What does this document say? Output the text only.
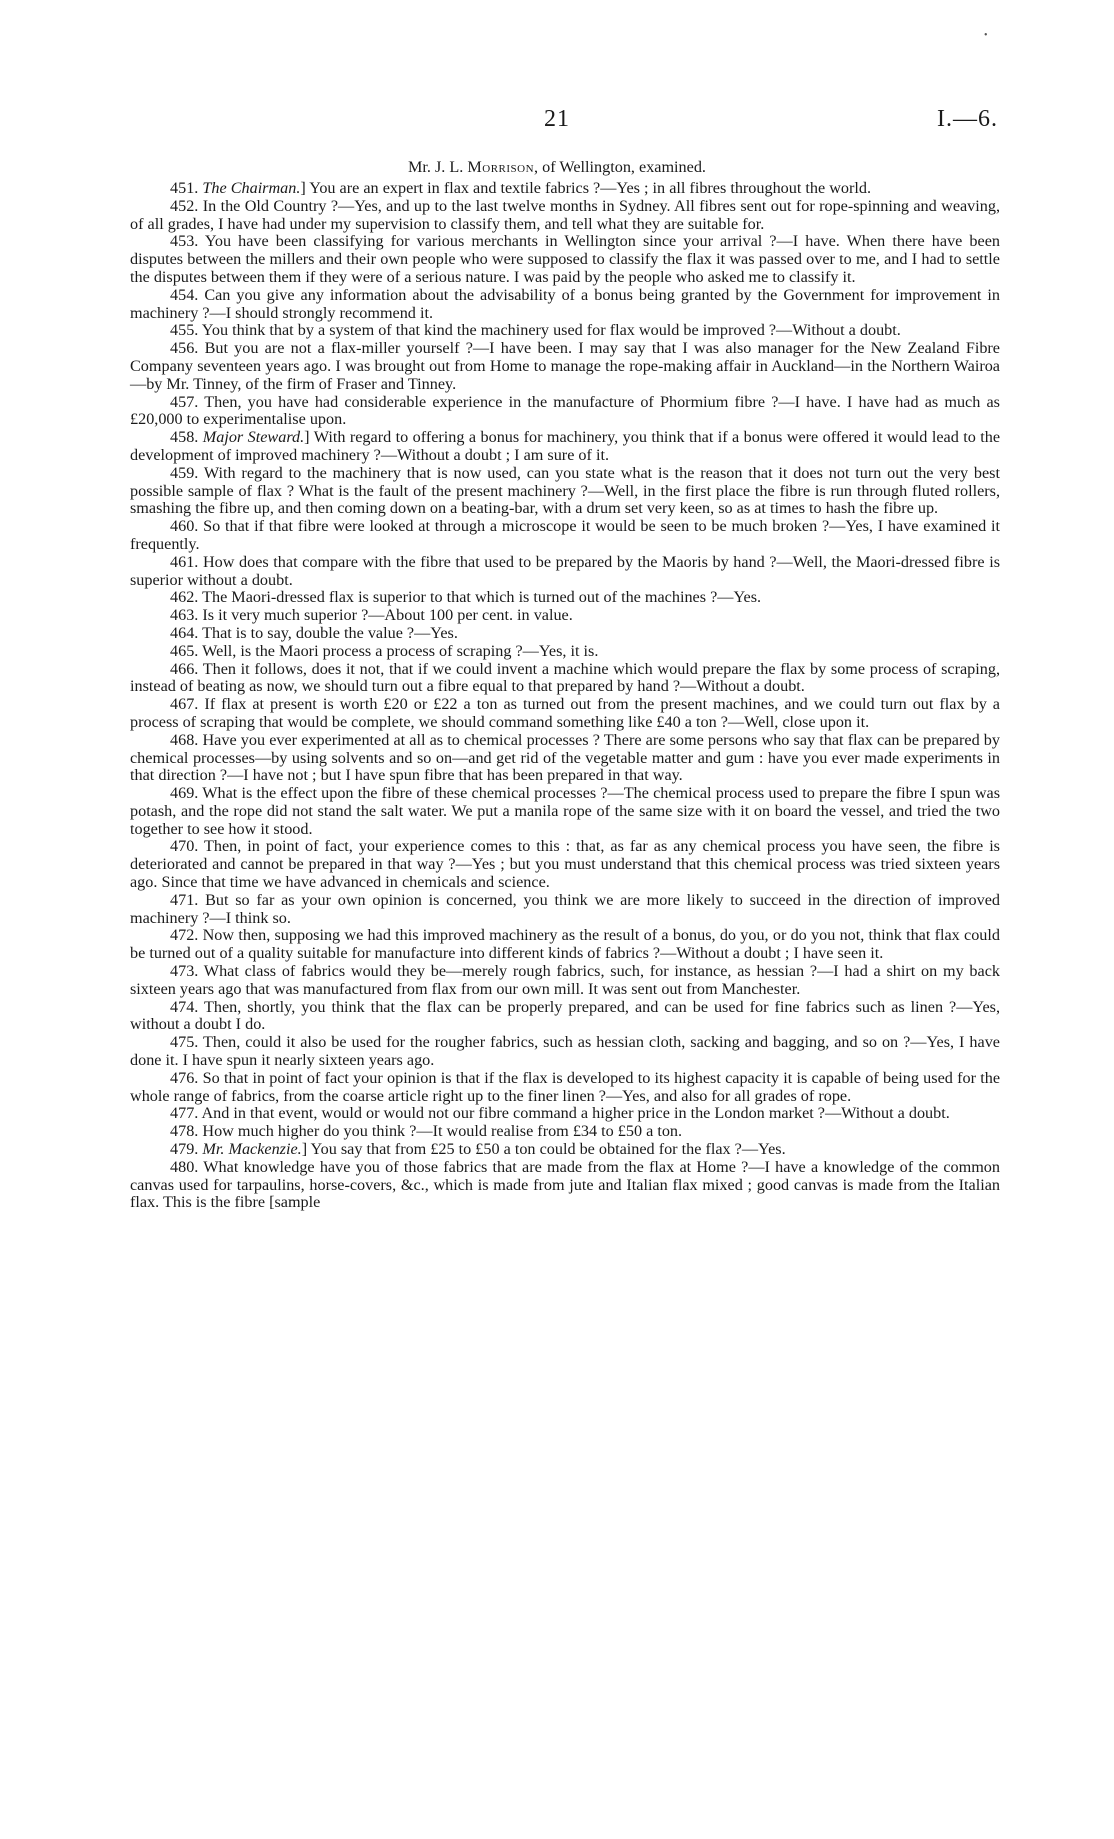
•
21	I.—6.
Mr. J. L. Morrison, of Wellington, examined.

451. The Chairman.] You are an expert in flax and textile fabrics ?—Yes ; in all fibres throughout the world.

452. In the Old Country ?—Yes, and up to the last twelve months in Sydney. All fibres sent out for rope-spinning and weaving, of all grades, I have had under my supervision to classify them, and tell what they are suitable for.

453. You have been classifying for various merchants in Wellington since your arrival ?—I have. When there have been disputes between the millers and their own people who were supposed to classify the flax it was passed over to me, and I had to settle the disputes between them if they were of a serious nature. I was paid by the people who asked me to classify it.

454. Can you give any information about the advisability of a bonus being granted by the Government for improvement in machinery ?—I should strongly recommend it.

455. You think that by a system of that kind the machinery used for flax would be improved ?—Without a doubt.

456. But you are not a flax-miller yourself ?—I have been. I may say that I was also manager for the New Zealand Fibre Company seventeen years ago. I was brought out from Home to manage the rope-making affair in Auckland—in the Northern Wairoa—by Mr. Tinney, of the firm of Fraser and Tinney.

457. Then, you have had considerable experience in the manufacture of Phormium fibre ?—I have. I have had as much as £20,000 to experimentalise upon.

458. Major Steward.] With regard to offering a bonus for machinery, you think that if a bonus were offered it would lead to the development of improved machinery ?—Without a doubt ; I am sure of it.

459. With regard to the machinery that is now used, can you state what is the reason that it does not turn out the very best possible sample of flax ? What is the fault of the present machinery ?—Well, in the first place the fibre is run through fluted rollers, smashing the fibre up, and then coming down on a beating-bar, with a drum set very keen, so as at times to hash the fibre up.

460. So that if that fibre were looked at through a microscope it would be seen to be much broken ?—Yes, I have examined it frequently.

461. How does that compare with the fibre that used to be prepared by the Maoris by hand ?—Well, the Maori-dressed fibre is superior without a doubt.

462. The Maori-dressed flax is superior to that which is turned out of the machines ?—Yes.

463. Is it very much superior ?—About 100 per cent. in value.

464. That is to say, double the value ?—Yes.

465. Well, is the Maori process a process of scraping ?—Yes, it is.

466. Then it follows, does it not, that if we could invent a machine which would prepare the flax by some process of scraping, instead of beating as now, we should turn out a fibre equal to that prepared by hand ?—Without a doubt.

467. If flax at present is worth £20 or £22 a ton as turned out from the present machines, and we could turn out flax by a process of scraping that would be complete, we should command something like £40 a ton ?—Well, close upon it.

468. Have you ever experimented at all as to chemical processes ? There are some persons who say that flax can be prepared by chemical processes—by using solvents and so on—and get rid of the vegetable matter and gum : have you ever made experiments in that direction ?—I have not ; but I have spun fibre that has been prepared in that way.

469. What is the effect upon the fibre of these chemical processes ?—The chemical process used to prepare the fibre I spun was potash, and the rope did not stand the salt water. We put a manila rope of the same size with it on board the vessel, and tried the two together to see how it stood.

470. Then, in point of fact, your experience comes to this : that, as far as any chemical process you have seen, the fibre is deteriorated and cannot be prepared in that way ?—Yes ; but you must understand that this chemical process was tried sixteen years ago. Since that time we have advanced in chemicals and science.

471. But so far as your own opinion is concerned, you think we are more likely to succeed in the direction of improved machinery ?—I think so.

472. Now then, supposing we had this improved machinery as the result of a bonus, do you, or do you not, think that flax could be turned out of a quality suitable for manufacture into different kinds of fabrics ?—Without a doubt ; I have seen it.

473. What class of fabrics would they be—merely rough fabrics, such, for instance, as hessian ?—I had a shirt on my back sixteen years ago that was manufactured from flax from our own mill. It was sent out from Manchester.

474. Then, shortly, you think that the flax can be properly prepared, and can be used for fine fabrics such as linen ?—Yes, without a doubt I do.

475. Then, could it also be used for the rougher fabrics, such as hessian cloth, sacking and bagging, and so on ?—Yes, I have done it. I have spun it nearly sixteen years ago.

476. So that in point of fact your opinion is that if the flax is developed to its highest capacity it is capable of being used for the whole range of fabrics, from the coarse article right up to the finer linen ?—Yes, and also for all grades of rope.

477. And in that event, would or would not our fibre command a higher price in the London market ?—Without a doubt.

478. How much higher do you think ?—It would realise from £34 to £50 a ton.

479. Mr. Mackenzie.] You say that from £25 to £50 a ton could be obtained for the flax ?—Yes.

480. What knowledge have you of those fabrics that are made from the flax at Home ?—I have a knowledge of the common canvas used for tarpaulins, horse-covers, &c., which is made from jute and Italian flax mixed ; good canvas is made from the Italian flax. This is the fibre [sample
